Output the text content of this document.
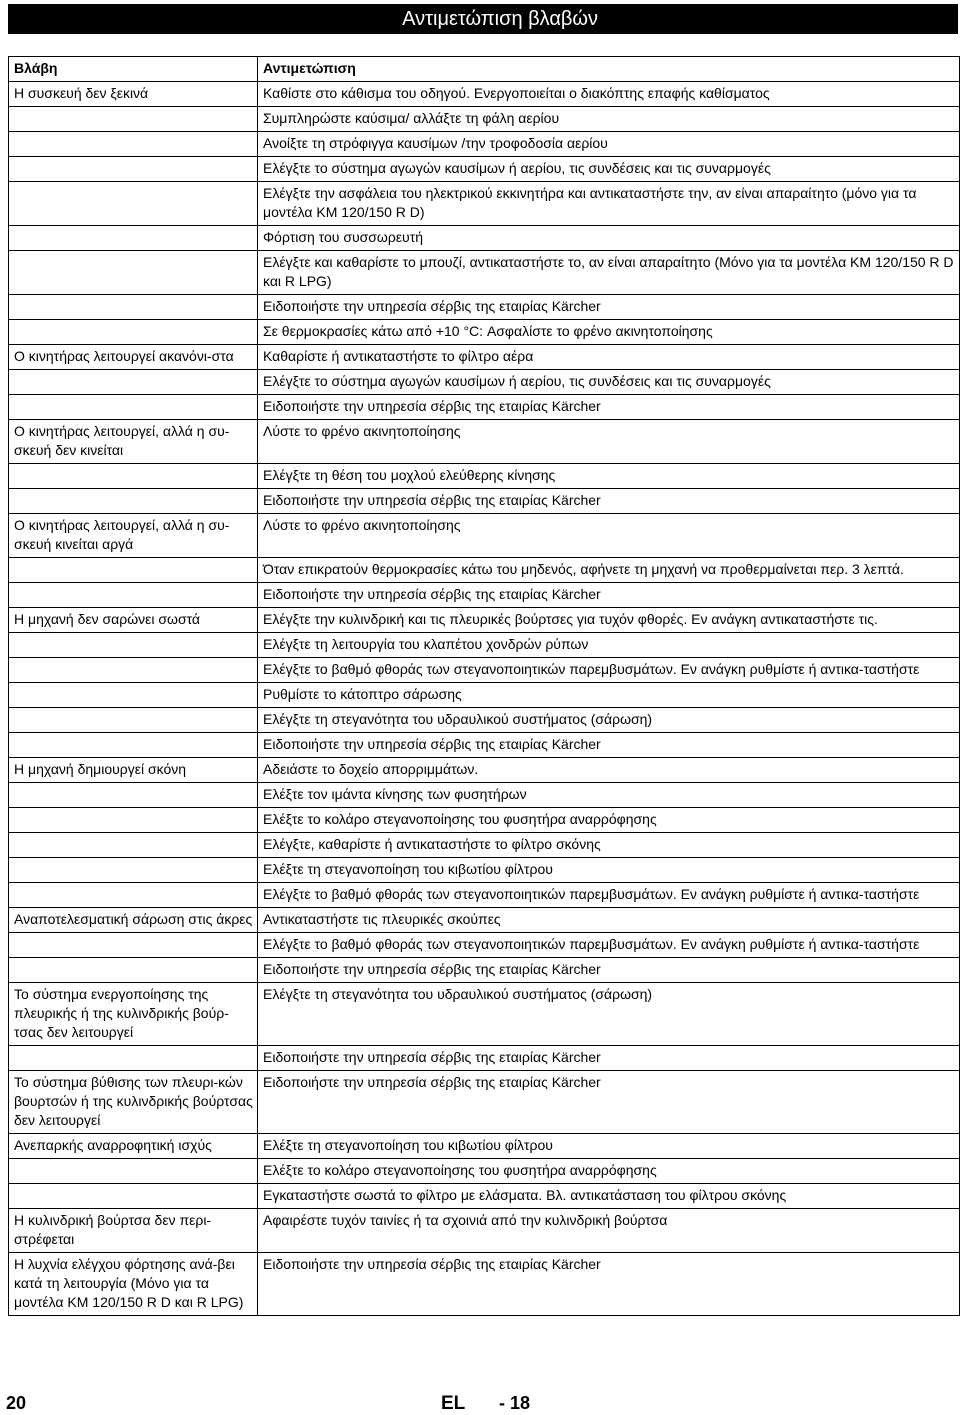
Αντιμετώπιση βλαβών
Βλάβη	Αντιμετώπιση
Η συσκευή δεν ξεκινά	Καθίστε στο κάθισμα του οδηγού. Ενεργοποιείται ο διακόπτης επαφής καθίσματος
	Συμπληρώστε καύσιμα/ αλλάξτε τη φάλη αερίου
	Ανοίξτε τη στρόφιγγα καυσίμων /την τροφοδοσία αερίου
	Ελέγξτε το σύστημα αγωγών καυσίμων ή αερίου, τις συνδέσεις και τις συναρμογές
	Ελέγξτε την ασφάλεια του ηλεκτρικού εκκινητήρα και αντικαταστήστε την, αν είναι απαραίτητο (μόνο για τα μοντέλα KM 120/150 R D)
	Φόρτιση του συσσωρευτή
	Ελέγξτε και καθαρίστε το μπουζί, αντικαταστήστε το, αν είναι απαραίτητο (Μόνο για τα μοντέλα KM 120/150 R D και R LPG)
	Ειδοποιήστε την υπηρεσία σέρβις της εταιρίας Kärcher
	Σε θερμοκρασίες κάτω από +10 °C: Ασφαλίστε το φρένο ακινητοποίησης
Ο κινητήρας λειτουργεί ακανόνι-στα	Καθαρίστε ή αντικαταστήστε το φίλτρο αέρα
	Ελέγξτε το σύστημα αγωγών καυσίμων ή αερίου, τις συνδέσεις και τις συναρμογές
	Ειδοποιήστε την υπηρεσία σέρβις της εταιρίας Kärcher
Ο κινητήρας λειτουργεί, αλλά η συ-σκευή δεν κινείται	Λύστε το φρένο ακινητοποίησης
	Ελέγξτε τη θέση του μοχλού ελεύθερης κίνησης
	Ειδοποιήστε την υπηρεσία σέρβις της εταιρίας Kärcher
Ο κινητήρας λειτουργεί, αλλά η συ-σκευή κινείται αργά	Λύστε το φρένο ακινητοποίησης
	Όταν επικρατούν θερμοκρασίες κάτω του μηδενός, αφήνετε τη μηχανή να προθερμαίνεται περ. 3 λεπτά.
	Ειδοποιήστε την υπηρεσία σέρβις της εταιρίας Kärcher
Η μηχανή δεν σαρώνει σωστά	Ελέγξτε την κυλινδρική και τις πλευρικές βούρτσες για τυχόν φθορές. Εν ανάγκη αντικαταστήστε τις.
	Ελέγξτε τη λειτουργία του κλαπέτου χονδρών ρύπων
	Ελέγξτε το βαθμό φθοράς των στεγανοποιητικών παρεμβυσμάτων. Εν ανάγκη ρυθμίστε ή αντικα-ταστήστε
	Ρυθμίστε το κάτοπτρο σάρωσης
	Ελέγξτε τη στεγανότητα του υδραυλικού συστήματος (σάρωση)
	Ειδοποιήστε την υπηρεσία σέρβις της εταιρίας Kärcher
Η μηχανή δημιουργεί σκόνη	Αδειάστε το δοχείο απορριμμάτων.
	Ελέξτε τον ιμάντα κίνησης των φυσητήρων
	Ελέξτε το κολάρο στεγανοποίησης του φυσητήρα αναρρόφησης
	Ελέγξτε, καθαρίστε ή αντικαταστήστε το φίλτρο σκόνης
	Ελέξτε τη στεγανοποίηση του κιβωτίου φίλτρου
	Ελέγξτε το βαθμό φθοράς των στεγανοποιητικών παρεμβυσμάτων. Εν ανάγκη ρυθμίστε ή αντικα-ταστήστε
Αναποτελεσματική σάρωση στις άκρες	Αντικαταστήστε τις πλευρικές σκούπες
	Ελέγξτε το βαθμό φθοράς των στεγανοποιητικών παρεμβυσμάτων. Εν ανάγκη ρυθμίστε ή αντικα-ταστήστε
	Ειδοποιήστε την υπηρεσία σέρβις της εταιρίας Kärcher
Το σύστημα ενεργοποίησης της πλευρικής ή της κυλινδρικής βούρ-τσας δεν λειτουργεί	Ελέγξτε τη στεγανότητα του υδραυλικού συστήματος (σάρωση)
	Ειδοποιήστε την υπηρεσία σέρβις της εταιρίας Kärcher
Το σύστημα βύθισης των πλευρι-κών βουρτσών ή της κυλινδρικής βούρτσας δεν λειτουργεί	Ειδοποιήστε την υπηρεσία σέρβις της εταιρίας Kärcher
Ανεπαρκής αναρροφητική ισχύς	Ελέξτε τη στεγανοποίηση του κιβωτίου φίλτρου
	Ελέξτε το κολάρο στεγανοποίησης του φυσητήρα αναρρόφησης
	Εγκαταστήστε σωστά το φίλτρο με ελάσματα. Βλ. αντικατάσταση του φίλτρου σκόνης
Η κυλινδρική βούρτσα δεν περι-στρέφεται	Αφαιρέστε τυχόν ταινίες ή τα σχοινιά από την κυλινδρική βούρτσα
Η λυχνία ελέγχου φόρτησης ανά-βει κατά τη λειτουργία (Μόνο για τα μοντέλα KM 120/150 R D και R LPG)	Ειδοποιήστε την υπηρεσία σέρβις της εταιρίας Kärcher
20	EL - 18
